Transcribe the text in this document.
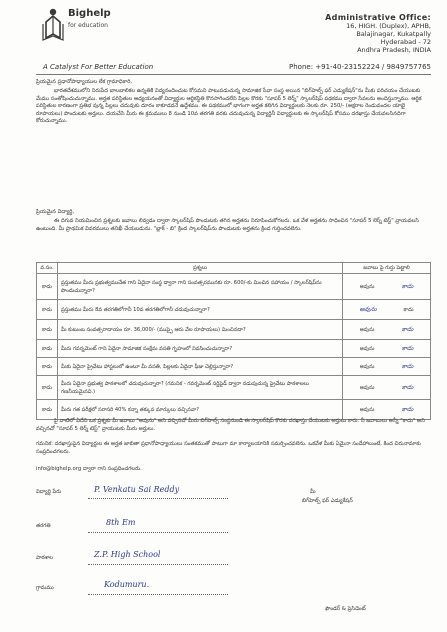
Bighelp
for education
A Catalyst For Better Education
Administrative Office:
16, HIGH. (Duplex), APHB,
Balajinagar, Kukatpally
Hyderabad - 72
Andhra Pradesh, INDIA
Phone: +91-40-23152224 / 9849757765
ప్రియమైన ప్రధానోపాధ్యాయుల లేక గ్రామాధికారి,
భారతదేశములోని నిరుపేద బాలబాలికల ఉన్నతికి విద్యనందించుట కోసమని పాటుపడుచున్న సామాజిక సేవా సంస్థ అయిన "బిగ్‌హెల్ప్ ఫర్ ఎడ్యుకేషన్"ను మీకు పరిచయం చేయుటకు మేము సంతోషించుచున్నాము. అర్హత పరిస్థితుల ఆధ్యయనంతో విద్యార్థుల ఆర్థికస్థితి కొనసాగించలేని పిల్లల కొరకు "సూపర్ 5 లెర్న్" స్కాలర్‌షిప్ పథకము ద్వారా సేవలను అందిస్తున్నాము. ఆర్థిక పరిస్థితుల కారణంగా ప్రతిభ వున్న పిల్లలు చదువుకు దూరం కాకూడదనే ఉద్దేశము. ఈ పథకములో భాగంగా అర్హత కలిగిన విద్యార్థులకు నెలకు రూ. 250/- (అక్షరాల రెండువందల యాభై రూపాయలు) పొందుటకు అర్హులు. దయచేసి మీరు ఈ క్రమములు 8 నుండి 10వ తరగతి వరకు చదువుచున్న విద్యార్థినీ విద్యార్థులకు ఈ స్కాలర్‌షిప్ కోసము దరఖాస్తు చేయవలసినదిగా కోరుచున్నాము.
ప్రియమైన విద్యార్థి,
ఈ దిగువ నియమించిన ప్రశ్నలకు జవాబు లివ్వడం ద్వారా స్కాలర్‌షిప్ పొందుటకు తగిన అర్హతను నిరూపించుకోగలరు. ఒక వేళ అర్హతను సాధించిన "సూపర్ 5 లెర్న్ టెస్ట్" వ్రాయవలసి ఉంటుంది. మీ ప్రాథమిక వివరములు తనిఖీ చేయబడును. "బ్లాక్ - బి" క్రింద స్కాలర్‌షిప్‌ను పొందుటకు అర్హతను క్రింద గుర్తించవలెను.
వ.సం.	ప్రశ్నలు	జవాబు పై గుర్తు పెట్టాలి
కాదు	ప్రస్తుతము మీరు ప్రభుత్వముచేత గాని ఏదైనా సంస్థ ద్వారా గాని సంవత్సరమునకు రూ. 600/-కు మించిన సహాయం / స్కాలర్‌షిప్‌ను పొందుచున్నారా?	అవును కాదు

కాదు	ప్రస్తుతము మీరు 8వ తరగతిలోగానీ 10వ తరగతిలోగానీ చదువుచున్నారా?	అవును కాదు

కాదు	మీ కుటుంబ సంవత్సరాదాయం రూ. 36,000/- (ముప్పై ఆరు వేల రూపాయలు) మించినదా?	అవును కాదు

కాదు	మీరు గవర్నమెంట్ గాని ఏదైనా సామాజిక సంక్షేమ వసతి గృహంలో నివసించుచున్నారా?	అవును కాదు

కాదు	మీకు ఏదైనా ప్రైవేటు హాస్టలులో ఉంటూ మీ వసతి, పిల్లలకు ఏదైనా ఫీజు చెల్లిస్తున్నారా?	అవును కాదు

కాదు	మీరు ఏదైనా ప్రభుత్వ పాఠశాలలో చదువుచున్నారా? (గమనిక - గవర్నమెంట్ సర్టిఫైడ్ ద్వారా నడుపుచున్న ప్రైవేటు పాఠశాలలు గణనీయమైనవి.)	అవును కాదు

కాదు	మీరు గత పరీక్షలో సరాసరి 40% కన్నా తక్కువ మార్కులు వచ్చినవా?	అవును కాదు
పై వాటిలో ఏదేని ఒక ప్రశ్నకు మీ జవాబు "అవును" అని వచ్చినచో మీరు బిగ్‌హెల్ప్ సంస్థనుండి ఈ స్కాలర్‌షిప్ కొరకు దరఖాస్తు చేయుటకు అర్హులు కారు. నీ జవాబులు అన్నీ "కాదు" అని వచ్చినచో "సూపర్ 5 లెర్న్ టెస్ట్" వ్రాయుటకు మీరు అర్హులు.
గమనిక: దరఖాస్తుపైన విద్యార్థుల ఈ అర్హత జాబితా ప్రధానోపాధ్యాయులు సంతకముతో పాటుగా మా కార్యాలయానికి సమర్పించవలెను. ఒకవేళ మీకు ఏమైనా సందేహాలుంటే, కింద చిరునామాకు సంప్రదించగలరు.
info@bighelp.org ద్వారా గాని సంప్రదించగలరు.
విద్యార్థి పేరు	P. Venkatu Sai Reddy
తరగతి	8th Em
పాఠశాల	Z.P. High School
గ్రామము	Kodumuru.
మీ
బిగ్‌హెల్ప్ ఫర్ ఎడ్యుకేషన్
ఫౌండర్ & ప్రెసిడెంట్
